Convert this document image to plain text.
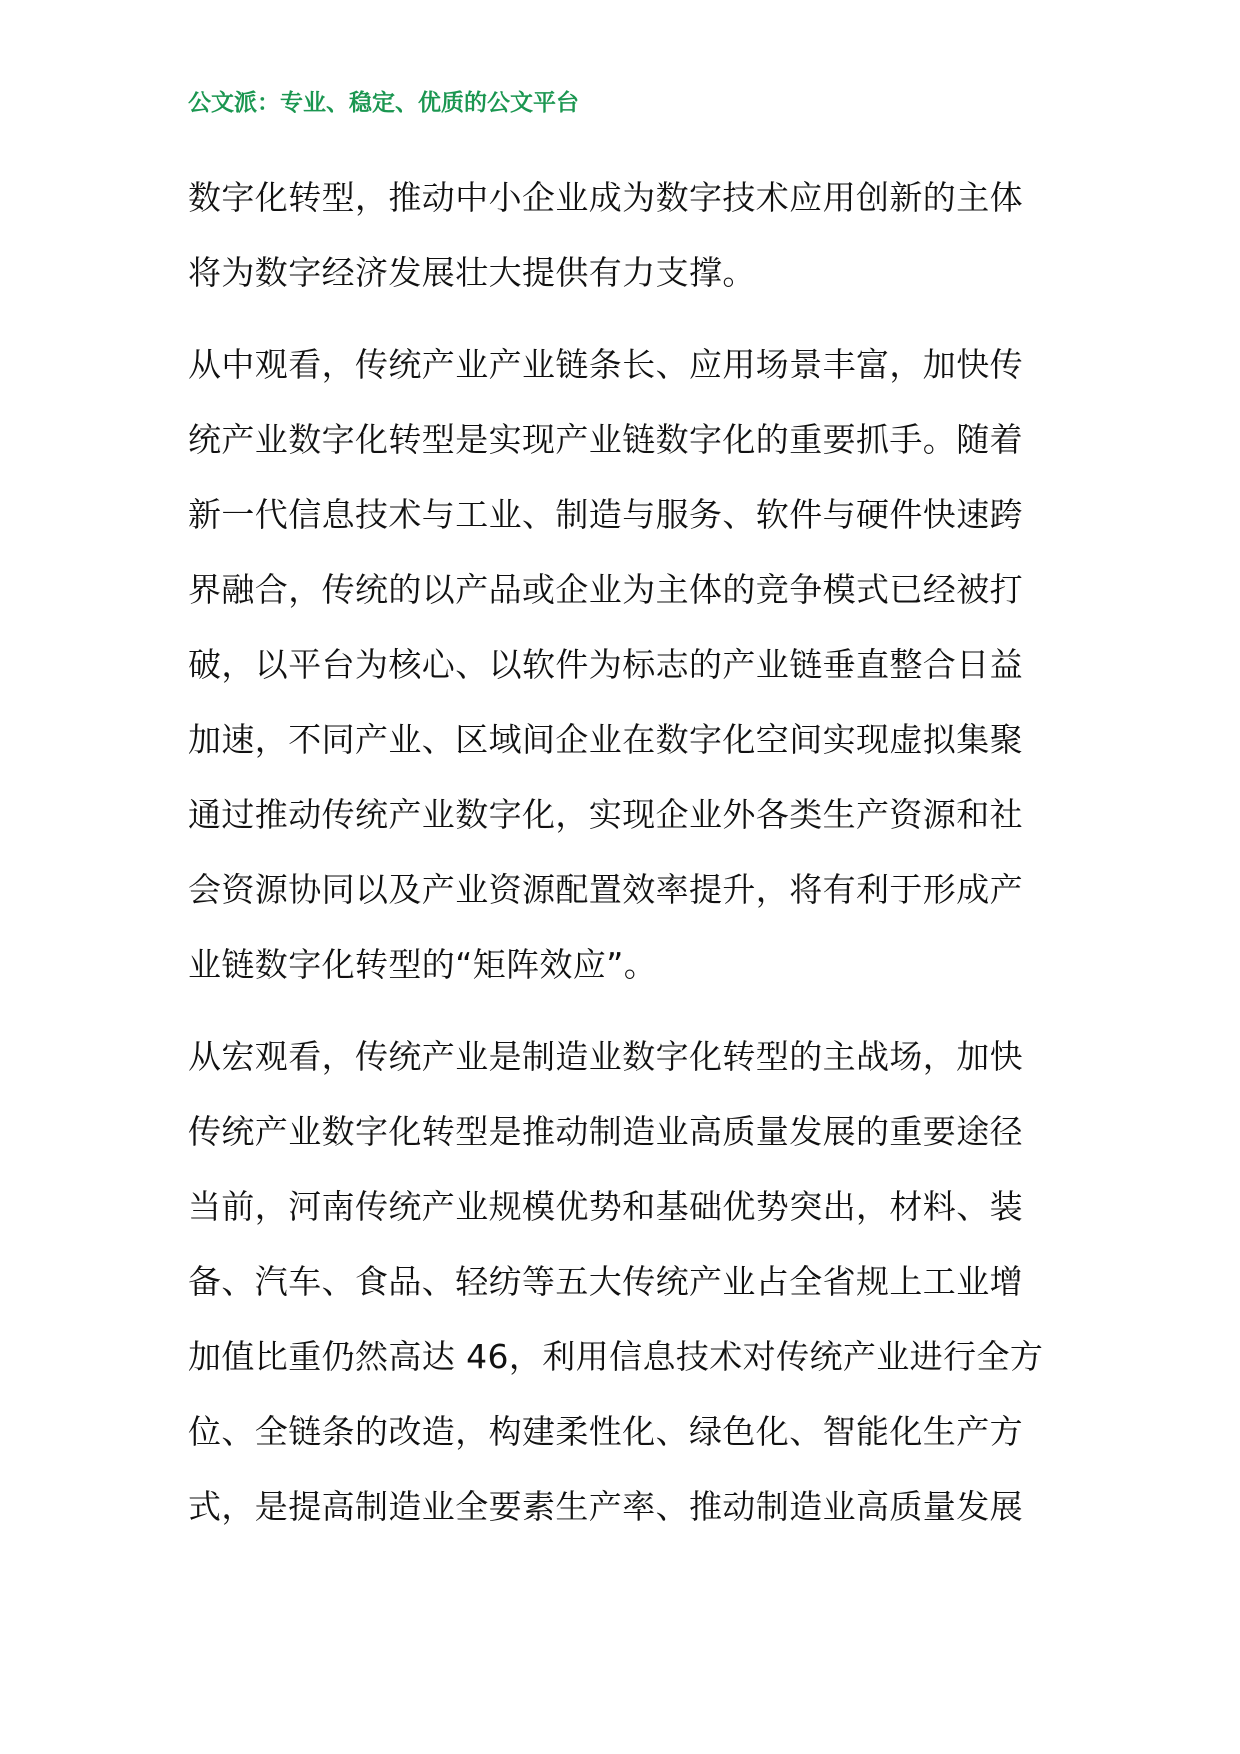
公文派：专业、稳定、优质的公文平台
数字化转型，推动中小企业成为数字技术应用创新的主体
将为数字经济发展壮大提供有力支撑。
从中观看，传统产业产业链条长、应用场景丰富，加快传
统产业数字化转型是实现产业链数字化的重要抓手。随着
新一代信息技术与工业、制造与服务、软件与硬件快速跨
界融合，传统的以产品或企业为主体的竞争模式已经被打
破，以平台为核心、以软件为标志的产业链垂直整合日益
加速，不同产业、区域间企业在数字化空间实现虚拟集聚
通过推动传统产业数字化，实现企业外各类生产资源和社
会资源协同以及产业资源配置效率提升，将有利于形成产
业链数字化转型的“矩阵效应”。
从宏观看，传统产业是制造业数字化转型的主战场，加快
传统产业数字化转型是推动制造业高质量发展的重要途径
当前，河南传统产业规模优势和基础优势突出，材料、装
备、汽车、食品、轻纺等五大传统产业占全省规上工业增
加值比重仍然高达 46，利用信息技术对传统产业进行全方
位、全链条的改造，构建柔性化、绿色化、智能化生产方
式，是提高制造业全要素生产率、推动制造业高质量发展
